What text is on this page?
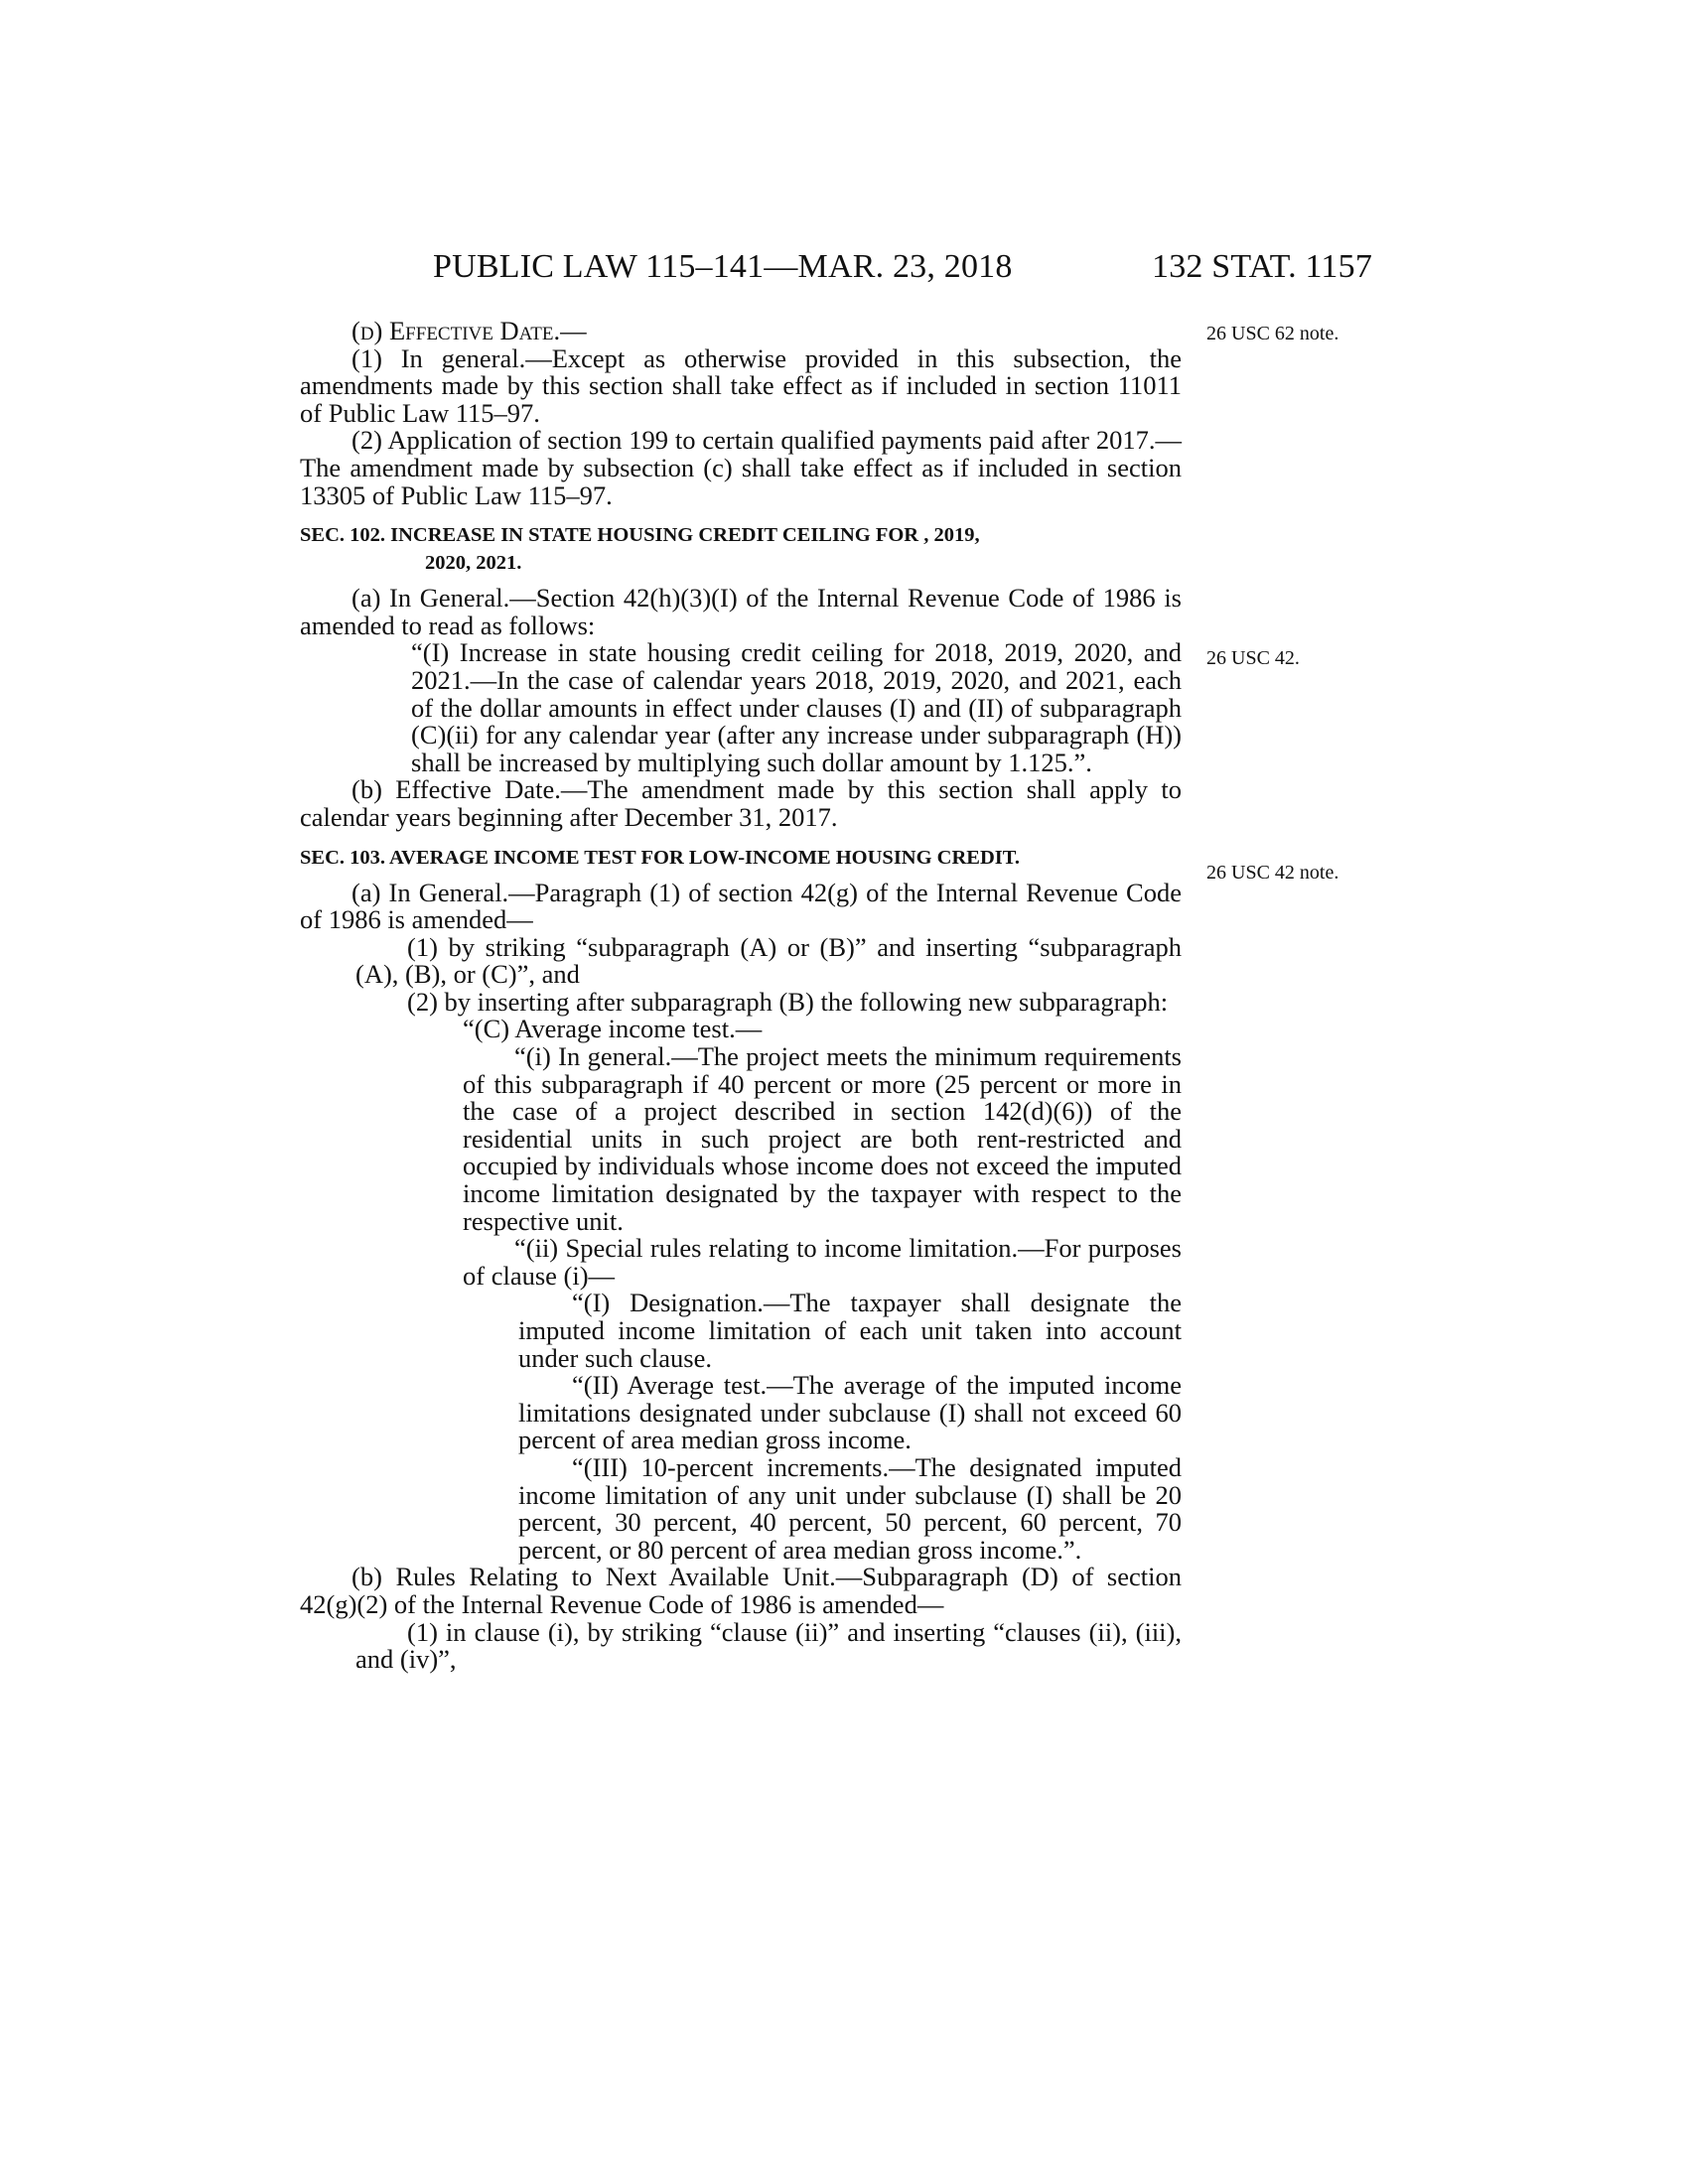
PUBLIC LAW 115–141—MAR. 23, 2018	132 STAT. 1157
26 USC 62 note.
26 USC 42.
26 USC 42 note.

(d) Effective Date.—

(1) In general.—Except as otherwise provided in this subsection, the amendments made by this section shall take effect as if included in section 11011 of Public Law 115–97.

(2) Application of section 199 to certain qualified payments paid after 2017.—The amendment made by subsection (c) shall take effect as if included in section 13305 of Public Law 115–97.

SEC. 102. INCREASE IN STATE HOUSING CREDIT CEILING FOR , 2019,
2020, 2021.

(a) In General.—Section 42(h)(3)(I) of the Internal Revenue Code of 1986 is amended to read as follows:

“(I) Increase in state housing credit ceiling for 2018, 2019, 2020, and 2021.—In the case of calendar years 2018, 2019, 2020, and 2021, each of the dollar amounts in effect under clauses (I) and (II) of subparagraph (C)(ii) for any calendar year (after any increase under subparagraph (H)) shall be increased by multiplying such dollar amount by 1.125.”.

(b) Effective Date.—The amendment made by this section shall apply to calendar years beginning after December 31, 2017.

SEC. 103. AVERAGE INCOME TEST FOR LOW-INCOME HOUSING CREDIT.

(a) In General.—Paragraph (1) of section 42(g) of the Internal Revenue Code of 1986 is amended—

(1) by striking “subparagraph (A) or (B)” and inserting “subparagraph (A), (B), or (C)”, and

(2) by inserting after subparagraph (B) the following new subparagraph:

“(C) Average income test.—

“(i) In general.—The project meets the minimum requirements of this subparagraph if 40 percent or more (25 percent or more in the case of a project described in section 142(d)(6)) of the residential units in such project are both rent-restricted and occupied by individuals whose income does not exceed the imputed income limitation designated by the taxpayer with respect to the respective unit.

“(ii) Special rules relating to income limitation.—For purposes of clause (i)—

“(I) Designation.—The taxpayer shall designate the imputed income limitation of each unit taken into account under such clause.

“(II) Average test.—The average of the imputed income limitations designated under subclause (I) shall not exceed 60 percent of area median gross income.

“(III) 10-percent increments.—The designated imputed income limitation of any unit under subclause (I) shall be 20 percent, 30 percent, 40 percent, 50 percent, 60 percent, 70 percent, or 80 percent of area median gross income.”.

(b) Rules Relating to Next Available Unit.—Subparagraph (D) of section 42(g)(2) of the Internal Revenue Code of 1986 is amended—

(1) in clause (i), by striking “clause (ii)” and inserting “clauses (ii), (iii), and (iv)”,
